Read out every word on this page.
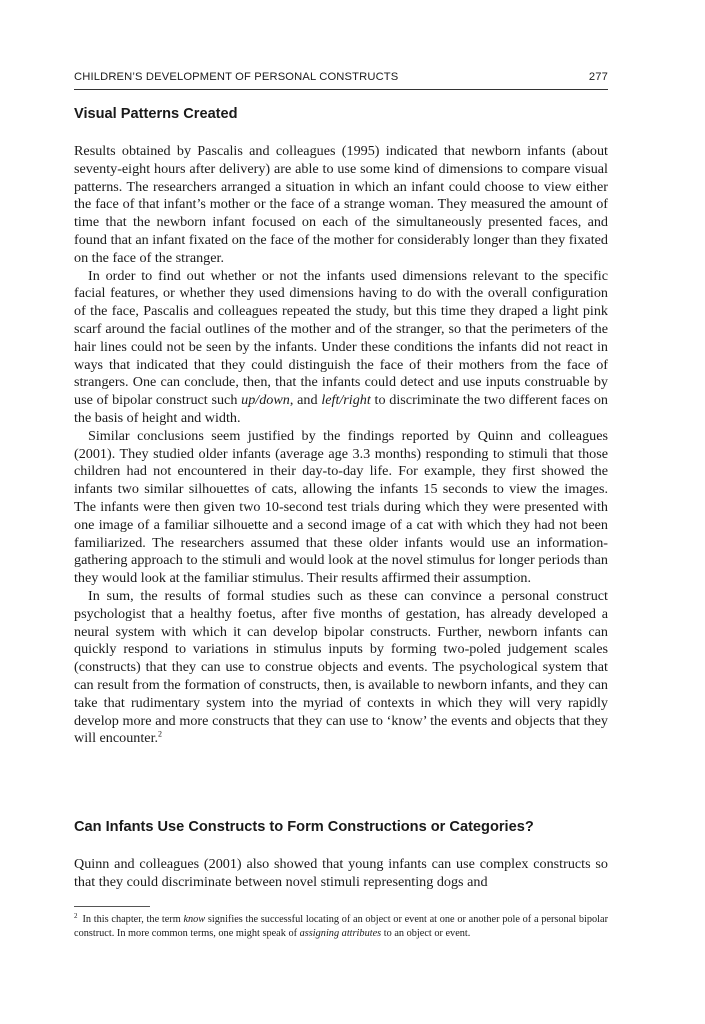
CHILDREN’S DEVELOPMENT OF PERSONAL CONSTRUCTS	277
Visual Patterns Created

Results obtained by Pascalis and colleagues (1995) indicated that newborn infants (about seventy-eight hours after delivery) are able to use some kind of dimensions to compare visual patterns. The researchers arranged a situation in which an infant could choose to view either the face of that infant’s mother or the face of a strange woman. They measured the amount of time that the newborn infant focused on each of the simultaneously presented faces, and found that an infant fixated on the face of the mother for considerably longer than they fixated on the face of the stranger.

In order to find out whether or not the infants used dimensions relevant to the specific facial features, or whether they used dimensions having to do with the overall configuration of the face, Pascalis and colleagues repeated the study, but this time they draped a light pink scarf around the facial outlines of the mother and of the stranger, so that the perimeters of the hair lines could not be seen by the infants. Under these conditions the infants did not react in ways that indicated that they could distinguish the face of their mothers from the face of strangers. One can conclude, then, that the infants could detect and use inputs construable by use of bipolar construct such up/down, and left/right to discriminate the two different faces on the basis of height and width.

Similar conclusions seem justified by the findings reported by Quinn and colleagues (2001). They studied older infants (average age 3.3 months) responding to stimuli that those children had not encountered in their day-to-day life. For example, they first showed the infants two similar silhouettes of cats, allowing the infants 15 seconds to view the images. The infants were then given two 10-second test trials during which they were presented with one image of a familiar silhouette and a second image of a cat with which they had not been familiarized. The researchers assumed that these older infants would use an information-gathering approach to the stimuli and would look at the novel stimulus for longer periods than they would look at the familiar stimulus. Their results affirmed their assumption.

In sum, the results of formal studies such as these can convince a personal construct psychologist that a healthy foetus, after five months of gestation, has already developed a neural system with which it can develop bipolar constructs. Further, newborn infants can quickly respond to variations in stimulus inputs by forming two-poled judgement scales (constructs) that they can use to construe objects and events. The psychological system that can result from the formation of constructs, then, is available to newborn infants, and they can take that rudimentary system into the myriad of contexts in which they will very rapidly develop more and more constructs that they can use to ‘know’ the events and objects that they will encounter.$^2$

Can Infants Use Constructs to Form Constructions or Categories?

Quinn and colleagues (2001) also showed that young infants can use complex constructs so that they could discriminate between novel stimuli representing dogs and

$^2$ In this chapter, the term know signifies the successful locating of an object or event at one or another pole of a personal bipolar construct. In more common terms, one might speak of assigning attributes to an object or event.
